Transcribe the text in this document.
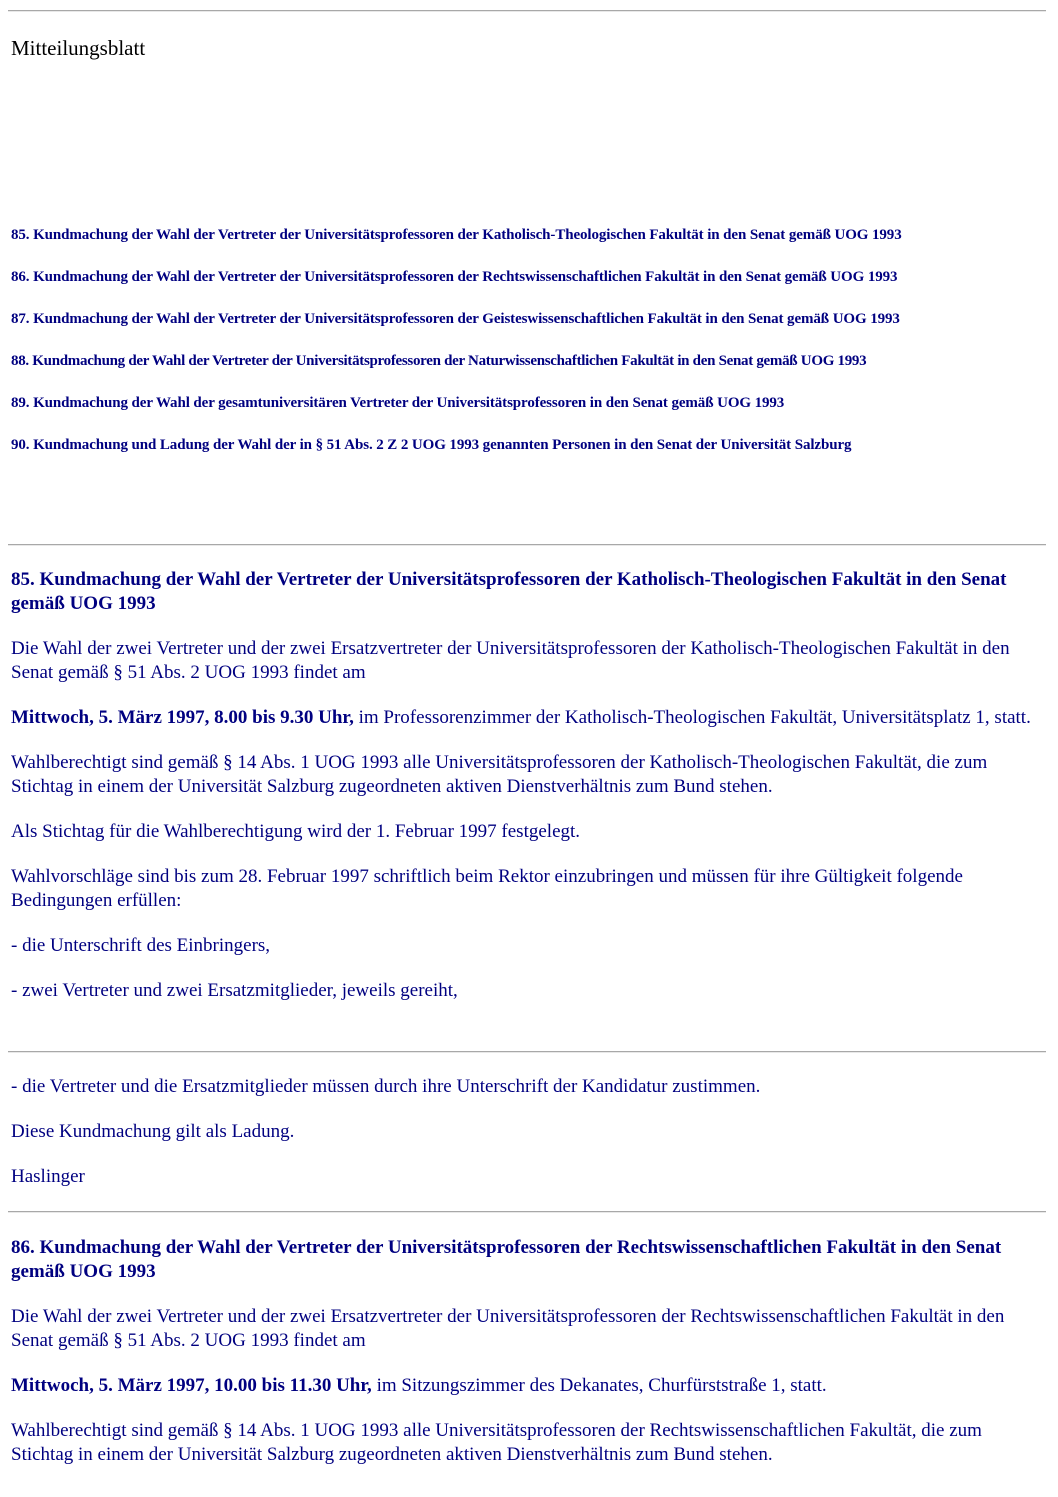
Mitteilungsblatt

85. Kundmachung der Wahl der Vertreter der Universitätsprofessoren der Katholisch-Theologischen Fakultät in den Senat gemäß UOG 1993

86. Kundmachung der Wahl der Vertreter der Universitätsprofessoren der Rechtswissenschaftlichen Fakultät in den Senat gemäß UOG 1993

87. Kundmachung der Wahl der Vertreter der Universitätsprofessoren der Geisteswissenschaftlichen Fakultät in den Senat gemäß UOG 1993

88. Kundmachung der Wahl der Vertreter der Universitätsprofessoren der Naturwissenschaftlichen Fakultät in den Senat gemäß UOG 1993

89. Kundmachung der Wahl der gesamtuniversitären Vertreter der Universitätsprofessoren in den Senat gemäß UOG 1993

90. Kundmachung und Ladung der Wahl der in § 51 Abs. 2 Z 2 UOG 1993 genannten Personen in den Senat der Universität Salzburg

85. Kundmachung der Wahl der Vertreter der Universitätsprofessoren der Katholisch-Theologischen Fakultät in den Senat gemäß UOG 1993

Die Wahl der zwei Vertreter und der zwei Ersatzvertreter der Universitätsprofessoren der Katholisch-Theologischen Fakultät in den Senat gemäß § 51 Abs. 2 UOG 1993 findet am

Mittwoch, 5. März 1997, 8.00 bis 9.30 Uhr, im Professorenzimmer der Katholisch-Theologischen Fakultät, Universitätsplatz 1, statt.

Wahlberechtigt sind gemäß § 14 Abs. 1 UOG 1993 alle Universitätsprofessoren der Katholisch-Theologischen Fakultät, die zum Stichtag in einem der Universität Salzburg zugeordneten aktiven Dienstverhältnis zum Bund stehen.

Als Stichtag für die Wahlberechtigung wird der 1. Februar 1997 festgelegt.

Wahlvorschläge sind bis zum 28. Februar 1997 schriftlich beim Rektor einzubringen und müssen für ihre Gültigkeit folgende Bedingungen erfüllen:

- die Unterschrift des Einbringers,

- zwei Vertreter und zwei Ersatzmitglieder, jeweils gereiht,

- die Vertreter und die Ersatzmitglieder müssen durch ihre Unterschrift der Kandidatur zustimmen.

Diese Kundmachung gilt als Ladung.

Haslinger

86. Kundmachung der Wahl der Vertreter der Universitätsprofessoren der Rechtswissenschaftlichen Fakultät in den Senat gemäß UOG 1993

Die Wahl der zwei Vertreter und der zwei Ersatzvertreter der Universitätsprofessoren der Rechtswissenschaftlichen Fakultät in den Senat gemäß § 51 Abs. 2 UOG 1993 findet am

Mittwoch, 5. März 1997, 10.00 bis 11.30 Uhr, im Sitzungszimmer des Dekanates, Churfürststraße 1, statt.

Wahlberechtigt sind gemäß § 14 Abs. 1 UOG 1993 alle Universitätsprofessoren der Rechtswissenschaftlichen Fakultät, die zum Stichtag in einem der Universität Salzburg zugeordneten aktiven Dienstverhältnis zum Bund stehen.
